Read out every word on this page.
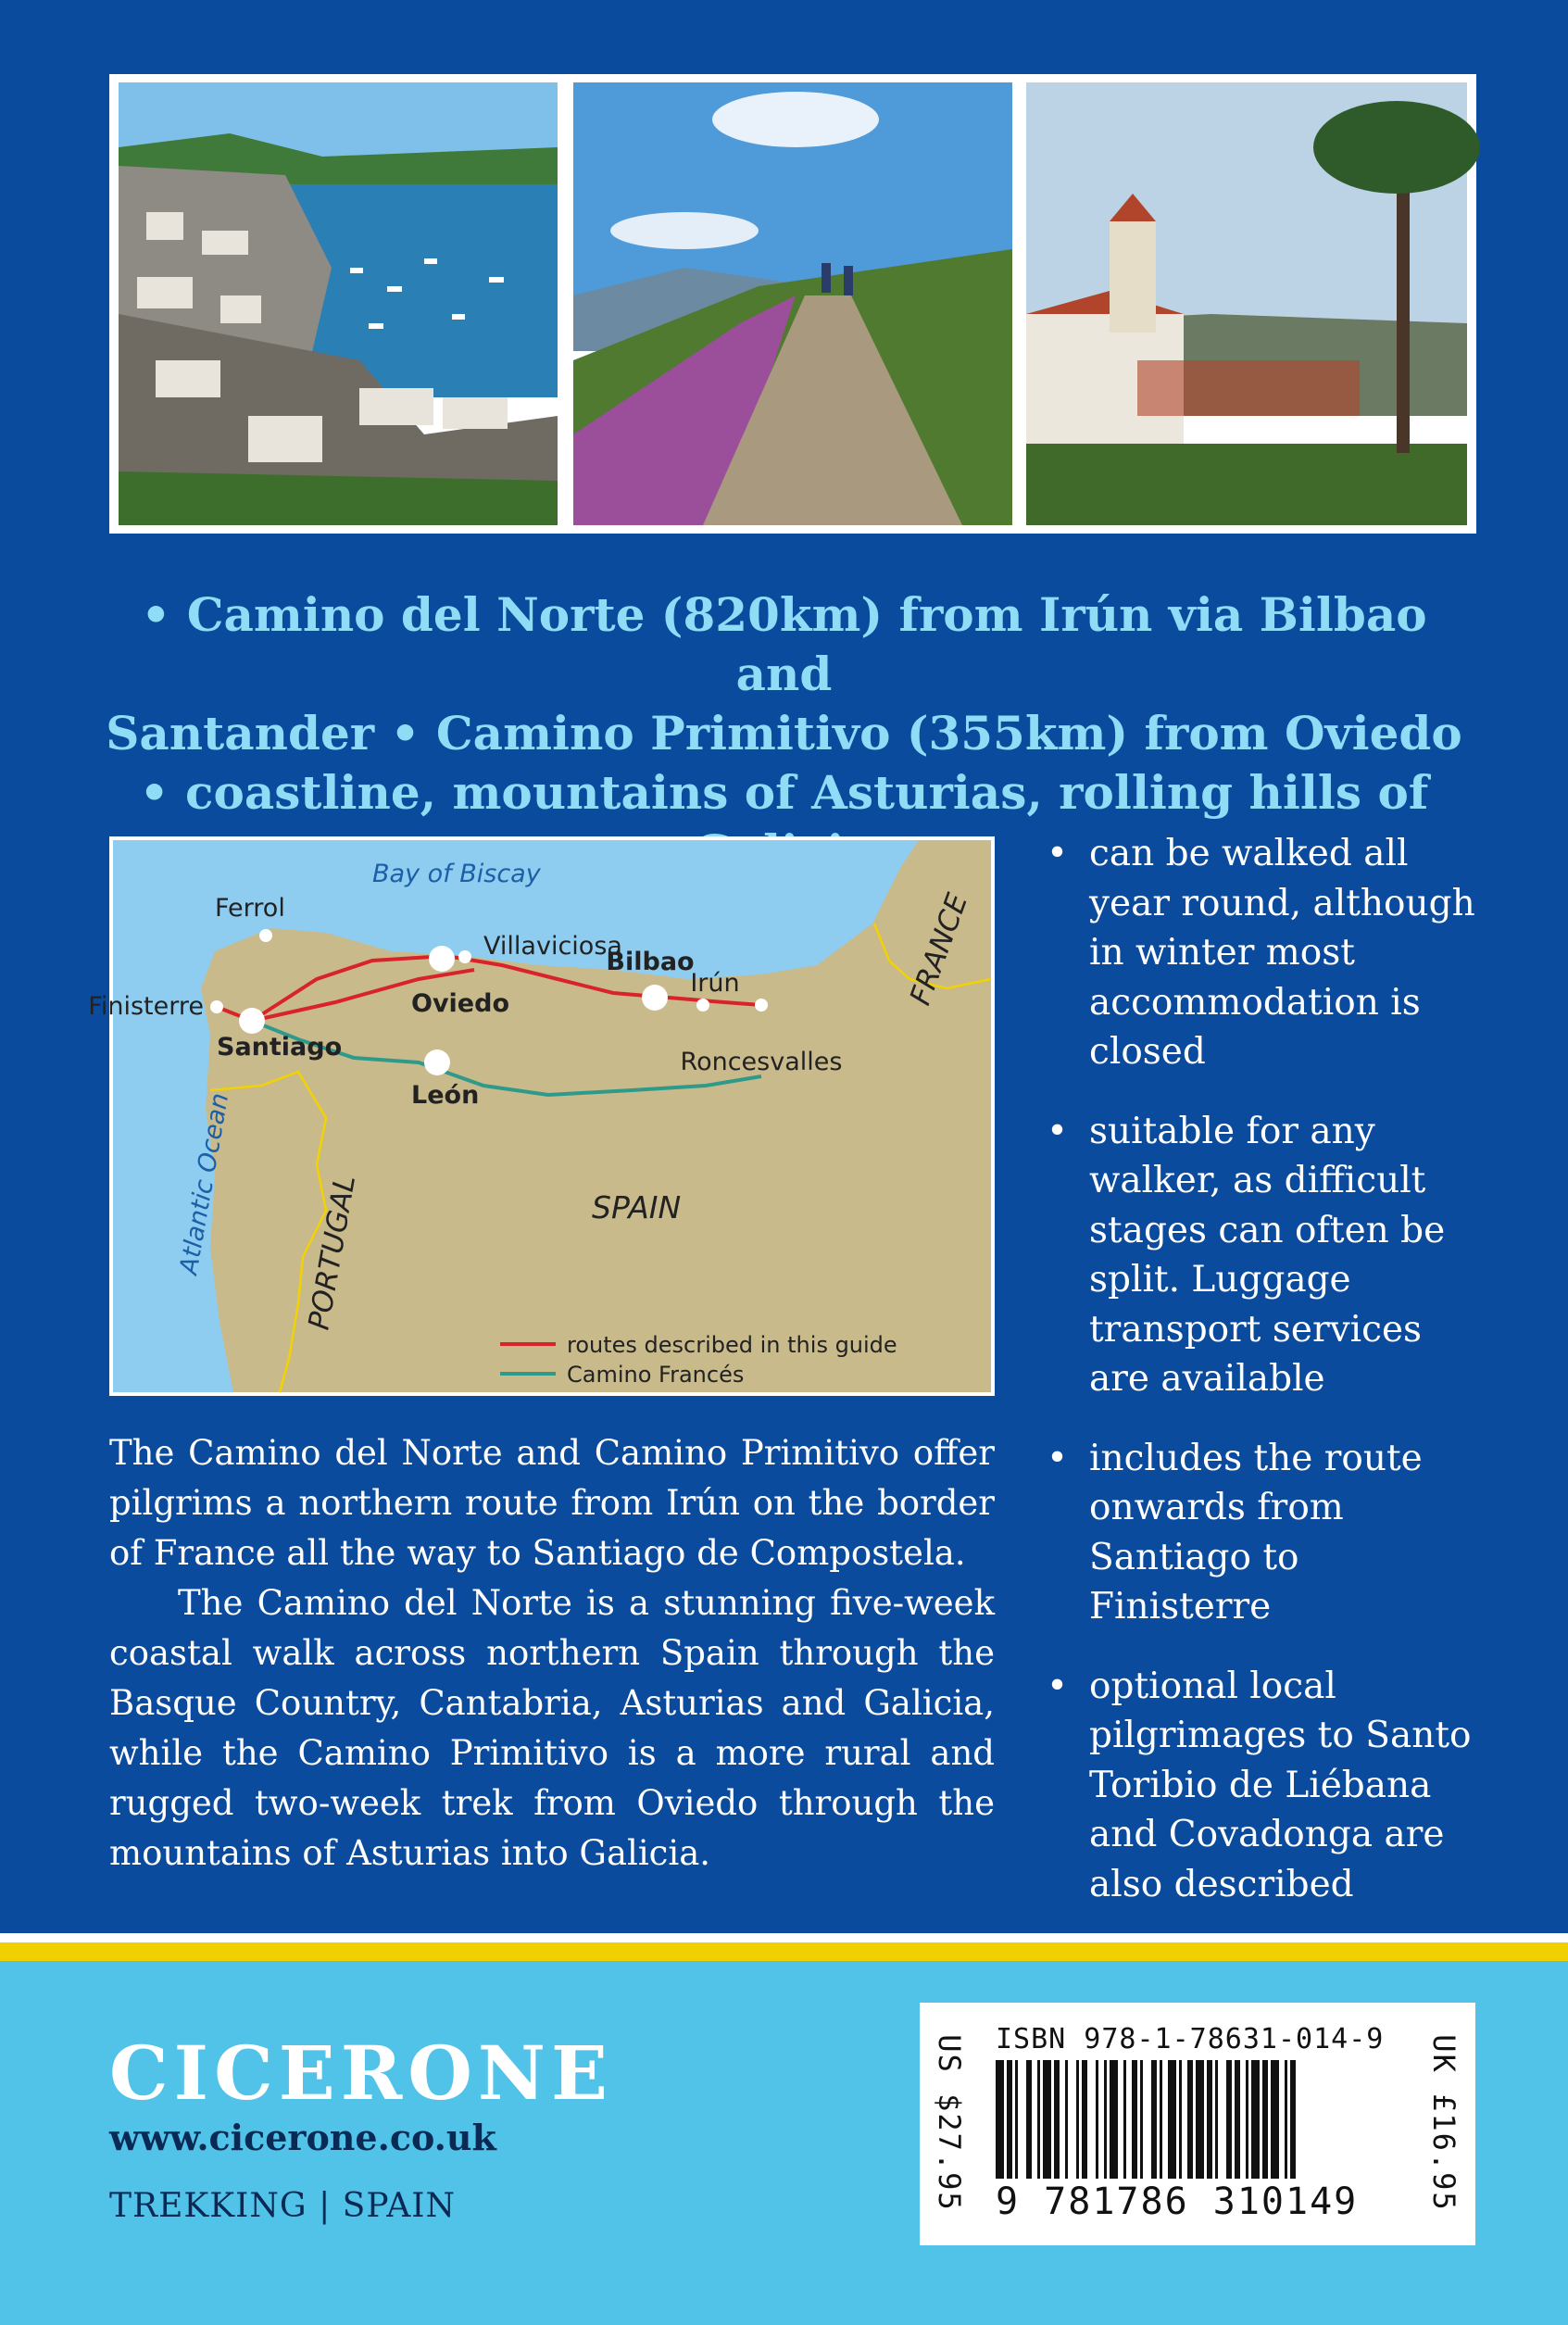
• Camino del Norte (820km) from Irún via Bilbao and
Santander • Camino Primitivo (355km) from Oviedo
• coastline, mountains of Asturias, rolling hills of
Bay of Biscay
Ferrol
Villaviciosa
Bilbao
Irún
Finisterre
Santiago
Oviedo
León
Roncesvalles
FRANCE
SPAIN
PORTUGAL
Atlantic Ocean
routes described in this guide
Camino Francés
• can be walked all year round, although in winter most accommodation is closed
• suitable for any walker, as difficult stages can often be split. Luggage transport services are available
• includes the route onwards from Santiago to Finisterre
• optional local pilgrimages to Santo Toribio de Liébana and Covadonga are also described

The Camino del Norte and Camino Primitivo offer pilgrims a northern route from Irún on the border of France all the way to Santiago de Compostela.

The Camino del Norte is a stunning five-week coastal walk across northern Spain through the Basque Country, Cantabria, Asturias and Galicia, while the Camino Primitivo is a more rural and rugged two-week trek from Oviedo through the mountains of Asturias into Galicia.

CICERONE
www.cicerone.co.uk
TREKKING | SPAIN	US $27.95 ISBN 978-1-78631-014-9
9 781786 310149 UK £16.95
